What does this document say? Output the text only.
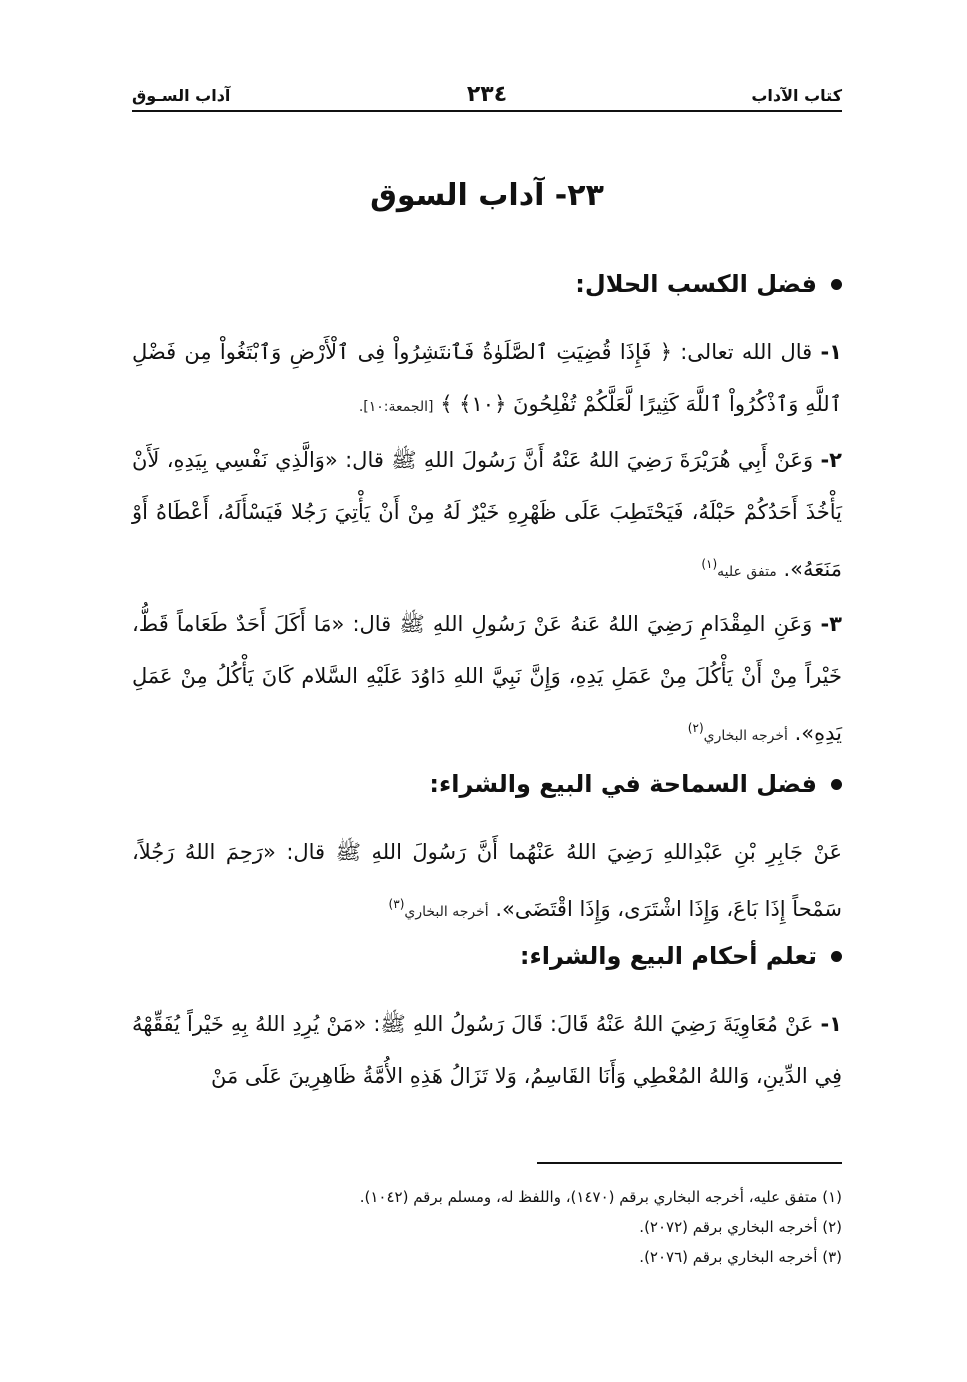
كتاب الآداب
٢٣٤
آداب السـوق
٢٣- آداب السوق
فضل الكسب الحلال:
١- قال الله تعالى: ﴿ فَإِذَا قُضِيَتِ ٱلصَّلَوٰةُ فَٱنتَشِرُواْ فِى ٱلْأَرْضِ وَٱبْتَغُواْ مِن فَضْلِ ٱللَّهِ وَٱذْكُرُواْ ٱللَّهَ كَثِيرًا لَّعَلَّكُمْ تُفْلِحُونَ ﴿١٠﴾ ﴾ [الجمعة:١٠].
٢- وَعَنْ أَبِي هُرَيْرَةَ رَضِيَ اللهُ عَنْهُ أَنَّ رَسُولَ اللهِ ﷺ قال: «وَالَّذِي نَفْسِي بِيَدِهِ، لَأَنْ يَأْخُذَ أَحَدُكُمْ حَبْلَهُ، فَيَحْتَطِبَ عَلَى ظَهْرِهِ خَيْرٌ لَهُ مِنْ أَنْ يَأْتِيَ رَجُلا فَيَسْأَلَهُ، أَعْطَاهُ أَوْ مَنَعَهُ». متفق عليه$^{(١)}$
٣- وَعَنِ المِقْدَامِ رَضِيَ اللهُ عَنهُ عَنْ رَسُولِ اللهِ ﷺ قال: «مَا أَكَلَ أَحَدٌ طَعَاماً قَطُّ، خَيْراً مِنْ أَنْ يَأْكُلَ مِنْ عَمَلِ يَدِهِ، وَإِنَّ نَبِيَّ اللهِ دَاوُدَ عَلَيْهِ السَّلام كَانَ يَأْكُلُ مِنْ عَمَلِ يَدِهِ». أخرجه البخاري$^{(٢)}$
فضل السماحة في البيع والشراء:
عَنْ جَابِرِ بْنِ عَبْدِاللهِ رَضِيَ اللهُ عَنْهُما أَنَّ رَسُولَ اللهِ ﷺ قال: «رَحِمَ اللهُ رَجُلاً، سَمْحاً إِذَا بَاعَ، وَإِذَا اشْتَرَى، وَإِذَا اقْتَضَى». أخرجه البخاري$^{(٣)}$
تعلم أحكام البيع والشراء:
١- عَنْ مُعَاوِيَةَ رَضِيَ اللهُ عَنْهُ قَالَ: قَالَ رَسُولُ اللهِ ﷺ: «مَنْ يُرِدِ اللهُ بِهِ خَيْراً يُفَقِّهْهُ فِي الدِّينِ، وَاللهُ المُعْطِي وَأَنَا القَاسِمُ، وَلا تَزَالُ هَذِهِ الأُمَّةُ ظَاهِرِينَ عَلَى مَنْ
(١) متفق عليه، أخرجه البخاري برقم (١٤٧٠)، واللفظ له، ومسلم برقم (١٠٤٢).
(٢) أخرجه البخاري برقم (٢٠٧٢).
(٣) أخرجه البخاري برقم (٢٠٧٦).
